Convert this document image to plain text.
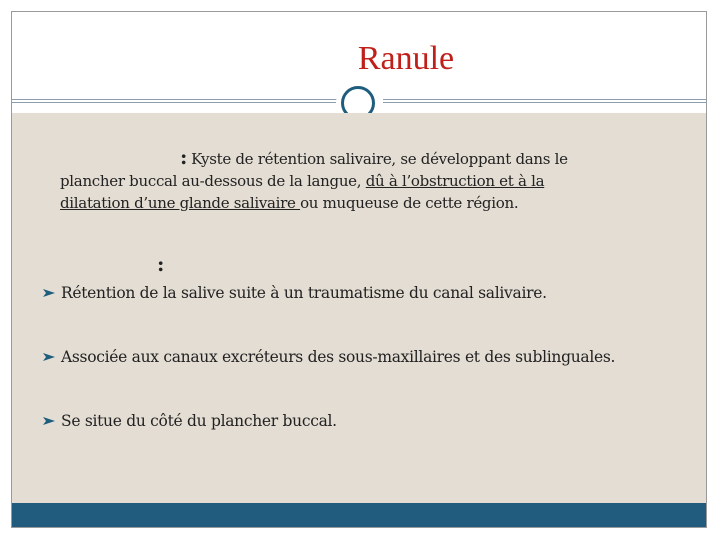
Ranule
: Kyste de rétention salivaire, se développant dans le
plancher buccal au-dessous de la langue, dû à l’obstruction et à la
dilatation d’une glande salivaire ou muqueuse de cette région.
:
Rétention de la salive suite à un traumatisme du canal salivaire.
Associée aux canaux excréteurs des sous-maxillaires et des sublinguales.
Se situe du côté du plancher buccal.
